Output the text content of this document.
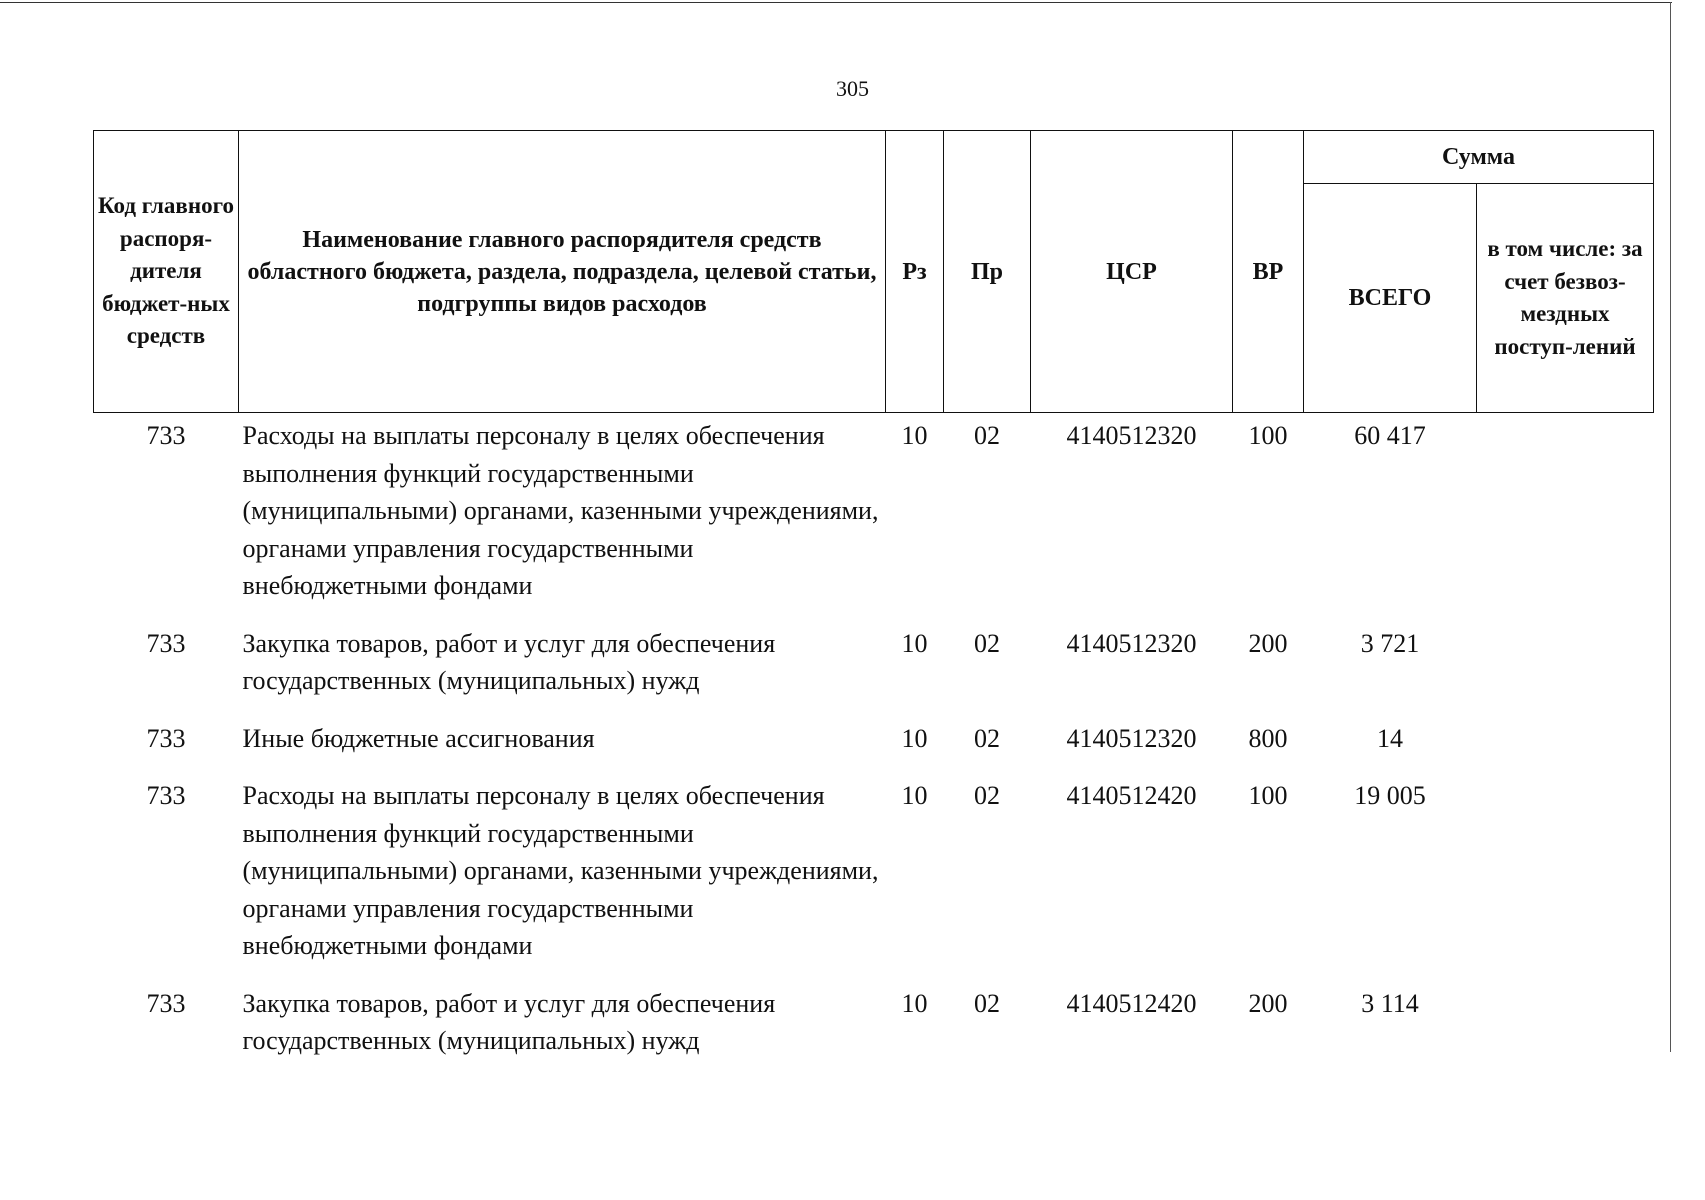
305
Код главного распоря-дителя бюджет-ных средств	Наименование главного распорядителя средств областного бюджета, раздела, подраздела, целевой статьи, подгруппы видов расходов	Рз	Пр	ЦСР	ВР	Сумма	
						ВСЕГО	в том числе: за счет безвоз-мездных поступ-лений
733	Расходы на выплаты персоналу в целях обеспечения выполнения функций государственными (муниципальными) органами, казенными учреждениями, органами управления государственными внебюджетными фондами	10	02	4140512320	100	60 417	
733	Закупка товаров, работ и услуг для обеспечения государственных (муниципальных) нужд	10	02	4140512320	200	3 721	
733	Иные бюджетные ассигнования	10	02	4140512320	800	14	
733	Расходы на выплаты персоналу в целях обеспечения выполнения функций государственными (муниципальными) органами, казенными учреждениями, органами управления государственными внебюджетными фондами	10	02	4140512420	100	19 005	
733	Закупка товаров, работ и услуг для обеспечения государственных (муниципальных) нужд	10	02	4140512420	200	3 114	
